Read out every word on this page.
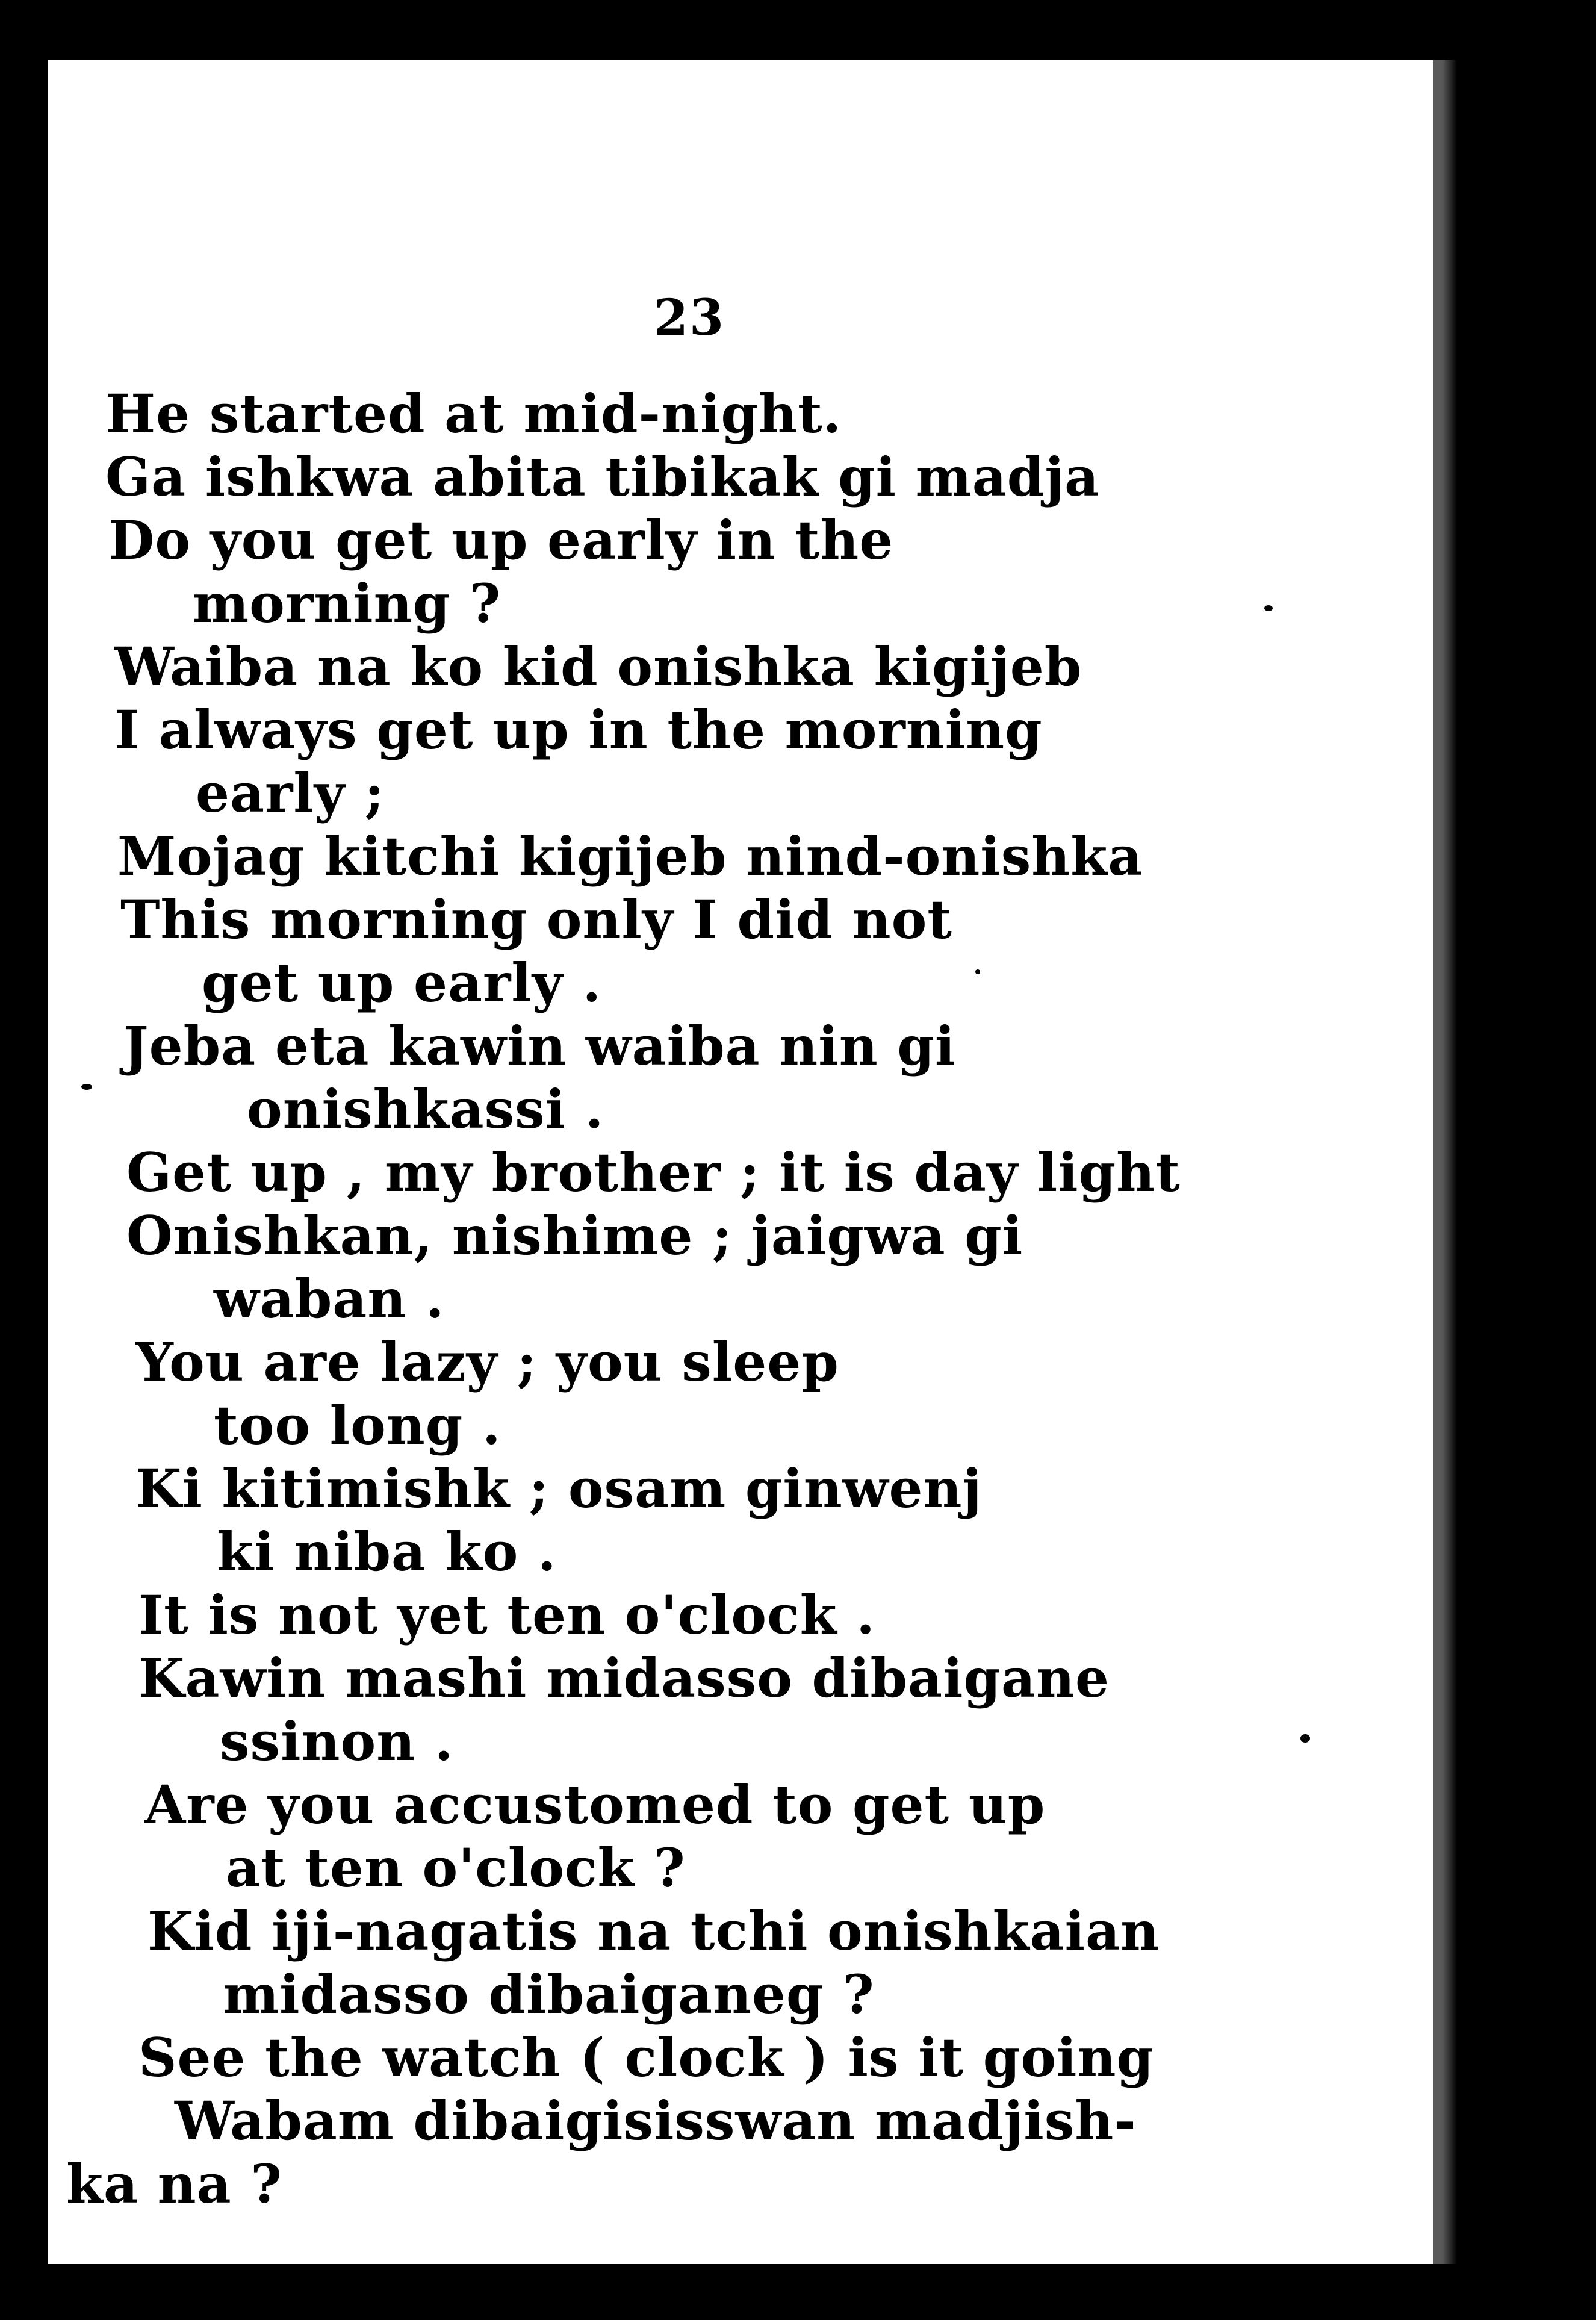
23
He started at mid-night.
Ga ishkwa abita tibikak gi madja
Do you get up early in the
morning ?
Waiba na ko kid onishka kigijeb
I always get up in the morning
early ;
Mojag kitchi kigijeb nind-onishka
This morning only I did not
get up early .
Jeba eta kawin waiba nin gi
onishkassi .
Get up , my brother ; it is day light
Onishkan, nishime ; jaigwa gi
waban .
You are lazy ; you sleep
too long .
Ki kitimishk ; osam ginwenj
ki niba ko .
It is not yet ten o'clock .
Kawin mashi midasso dibaigane
ssinon .
Are you accustomed to get up
at ten o'clock ?
Kid iji-nagatis na tchi onishkaian
midasso dibaiganeg ?
See the watch ( clock ) is it going
Wabam dibaigisisswan madjish-
ka na ?
